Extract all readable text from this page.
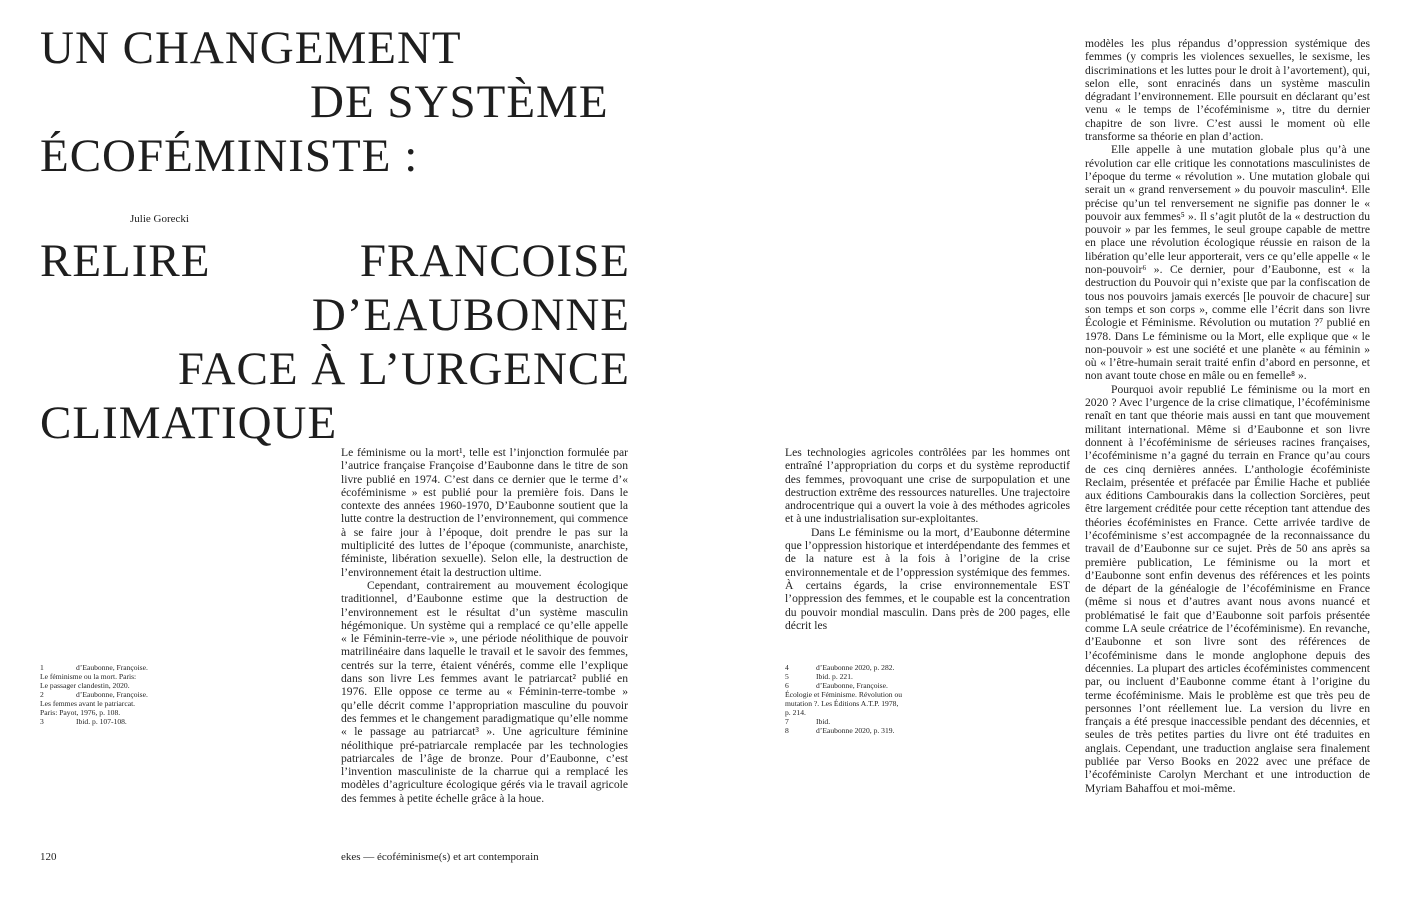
UN CHANGEMENT
DE SYSTÈME
ÉCOFÉMINISTE :
Julie Gorecki
RELIRE	FRANCOISE
D’EAUBONNE
FACE À L’URGENCE
CLIMATIQUE

Le féminisme ou la mort¹, telle est l’injonction formulée par l’autrice française Françoise d’Eaubonne dans le titre de son livre publié en 1974. C’est dans ce dernier que le terme d’« écoféminisme » est publié pour la première fois. Dans le contexte des années 1960-1970, D’Eaubonne soutient que la lutte contre la destruction de l’environnement, qui commence à se faire jour à l’époque, doit prendre le pas sur la multiplicité des luttes de l’époque (communiste, anarchiste, féministe, libération sexuelle). Selon elle, la destruction de l’environnement était la destruction ultime.

Cependant, contrairement au mouvement écologique traditionnel, d’Eaubonne estime que la destruction de l’environnement est le résultat d’un système masculin hégémonique. Un système qui a remplacé ce qu’elle appelle « le Féminin-terre-vie », une période néolithique de pouvoir matrilinéaire dans laquelle le travail et le savoir des femmes, centrés sur la terre, étaient vénérés, comme elle l’explique dans son livre Les femmes avant le patriarcat² publié en 1976. Elle oppose ce terme au « Féminin-terre-tombe » qu’elle décrit comme l’appropriation masculine du pouvoir des femmes et le changement paradigmatique qu’elle nomme « le passage au patriarcat³ ». Une agriculture féminine néolithique pré-patriarcale remplacée par les technologies patriarcales de l’âge de bronze. Pour d’Eaubonne, c’est l’invention masculiniste de la charrue qui a remplacé les modèles d’agriculture écologique gérés via le travail agricole des femmes à petite échelle grâce à la houe.

Les technologies agricoles contrôlées par les hommes ont entraîné l’appropriation du corps et du système reproductif des femmes, provoquant une crise de surpopulation et une destruction extrême des ressources naturelles. Une trajectoire androcentrique qui a ouvert la voie à des méthodes agricoles et à une industrialisation sur-exploitantes.

Dans Le féminisme ou la mort, d’Eaubonne détermine que l’oppression historique et interdépendante des femmes et de la nature est à la fois à l’origine de la crise environnementale et de l’oppression systémique des femmes. À certains égards, la crise environnementale EST l’oppression des femmes, et le coupable est la concentration du pouvoir mondial masculin. Dans près de 200 pages, elle décrit les

modèles les plus répandus d’oppression systémique des femmes (y compris les violences sexuelles, le sexisme, les discriminations et les luttes pour le droit à l’avortement), qui, selon elle, sont enracinés dans un système masculin dégradant l’environnement. Elle poursuit en déclarant qu’est venu « le temps de l’écoféminisme », titre du dernier chapitre de son livre. C’est aussi le moment où elle transforme sa théorie en plan d’action.

Elle appelle à une mutation globale plus qu’à une révolution car elle critique les connotations masculinistes de l’époque du terme « révolution ». Une mutation globale qui serait un « grand renversement » du pouvoir masculin⁴. Elle précise qu’un tel renversement ne signifie pas donner le « pouvoir aux femmes⁵ ». Il s’agit plutôt de la « destruction du pouvoir » par les femmes, le seul groupe capable de mettre en place une révolution écologique réussie en raison de la libération qu’elle leur apporterait, vers ce qu’elle appelle « le non-pouvoir⁶ ». Ce dernier, pour d’Eaubonne, est « la destruction du Pouvoir qui n’existe que par la confiscation de tous nos pouvoirs jamais exercés [le pouvoir de chacure] sur son temps et son corps », comme elle l’écrit dans son livre Écologie et Féminisme. Révolution ou mutation ?⁷ publié en 1978. Dans Le féminisme ou la Mort, elle explique que « le non-pouvoir » est une société et une planète « au féminin » où « l’être-humain serait traité enfin d’abord en personne, et non avant toute chose en mâle ou en femelle⁸ ».

Pourquoi avoir republié Le féminisme ou la mort en 2020 ? Avec l’urgence de la crise climatique, l’écoféminisme renaît en tant que théorie mais aussi en tant que mouvement militant international. Même si d’Eaubonne et son livre donnent à l’écoféminisme de sérieuses racines françaises, l’écoféminisme n’a gagné du terrain en France qu’au cours de ces cinq dernières années. L’anthologie écoféministe Reclaim, présentée et préfacée par Émilie Hache et publiée aux éditions Cambourakis dans la collection Sorcières, peut être largement créditée pour cette réception tant attendue des théories écoféministes en France. Cette arrivée tardive de l’écoféminisme s’est accompagnée de la reconnaissance du travail de d’Eaubonne sur ce sujet. Près de 50 ans après sa première publication, Le féminisme ou la mort et d’Eaubonne sont enfin devenus des références et les points de départ de la généalogie de l’écoféminisme en France (même si nous et d’autres avant nous avons nuancé et problématisé le fait que d’Eaubonne soit parfois présentée comme LA seule créatrice de l’écoféminisme). En revanche, d’Eaubonne et son livre sont des références de l’écoféminisme dans le monde anglophone depuis des décennies. La plupart des articles écoféministes commencent par, ou incluent d’Eaubonne comme étant à l’origine du terme écoféminisme. Mais le problème est que très peu de personnes l’ont réellement lue. La version du livre en français a été presque inaccessible pendant des décennies, et seules de très petites parties du livre ont été traduites en anglais. Cependant, une traduction anglaise sera finalement publiée par Verso Books en 2022 avec une préface de l’écoféministe Carolyn Merchant et une introduction de Myriam Bahaffou et moi-même.

1	d’Eaubonne, Françoise.
Le féminisme ou la mort. Paris:
Le passager clandestin, 2020.
2	d’Eaubonne, Françoise.
Les femmes avant le patriarcat.
Paris: Payot, 1976, p. 108.
3	Ibid. p. 107-108.
4	d’Eaubonne 2020, p. 282.
5	Ibid. p. 221.
6	d’Eaubonne, Françoise.
Écologie et Féminisme. Révolution ou
mutation ?. Les Éditions A.T.P. 1978,
p. 214.
7	Ibid.
8	d’Eaubonne 2020, p. 319.
120	ekes — écoféminisme(s) et art contemporain
